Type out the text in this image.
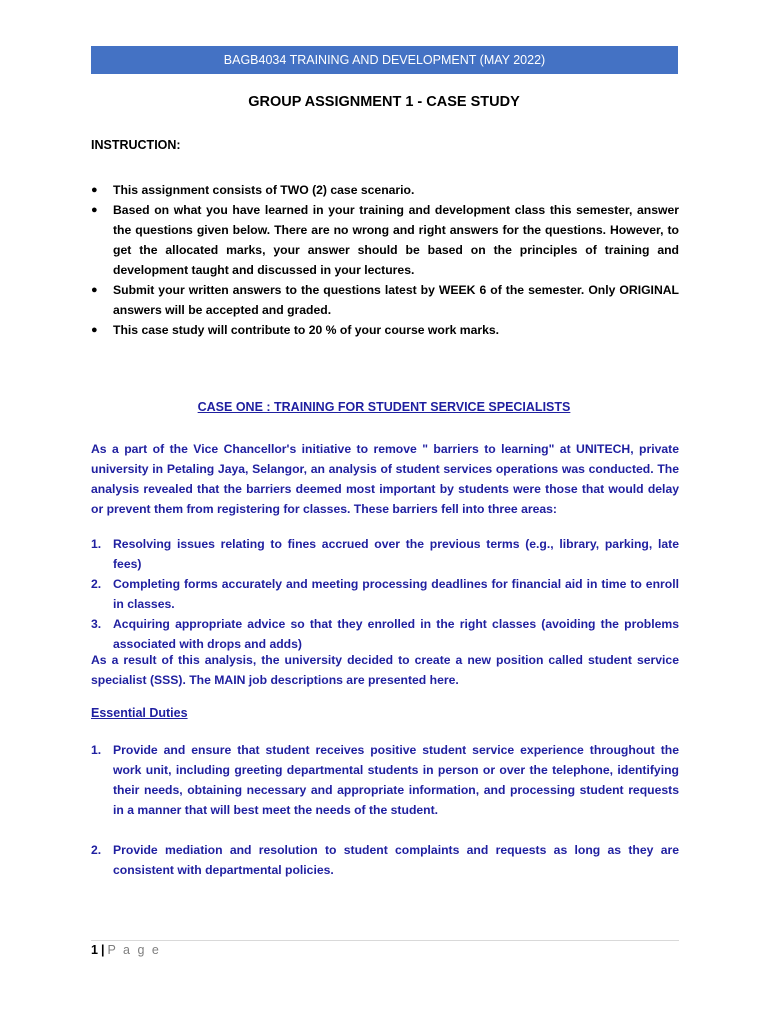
BAGB4034 TRAINING AND DEVELOPMENT (MAY 2022)
GROUP ASSIGNMENT 1 - CASE STUDY
INSTRUCTION:
● This assignment consists of TWO (2) case scenario.
● Based on what you have learned in your training and development class this semester, answer the questions given below. There are no wrong and right answers for the questions. However, to get the allocated marks, your answer should be based on the principles of training and development taught and discussed in your lectures.
● Submit your written answers to the questions latest by WEEK 6 of the semester. Only ORIGINAL answers will be accepted and graded.
● This case study will contribute to 20 % of your course work marks.
CASE ONE : TRAINING FOR STUDENT SERVICE SPECIALISTS

As a part of the Vice Chancellor's initiative to remove " barriers to learning" at UNITECH, private university in Petaling Jaya, Selangor, an analysis of student services operations was conducted. The analysis revealed that the barriers deemed most important by students were those that would delay or prevent them from registering for classes. These barriers fell into three areas:

1. Resolving issues relating to fines accrued over the previous terms (e.g., library, parking, late fees)
2. Completing forms accurately and meeting processing deadlines for financial aid in time to enroll in classes.
3. Acquiring appropriate advice so that they enrolled in the right classes (avoiding the problems associated with drops and adds)

As a result of this analysis, the university decided to create a new position called student service specialist (SSS). The MAIN job descriptions are presented here.

Essential Duties
1. Provide and ensure that student receives positive student service experience throughout the work unit, including greeting departmental students in person or over the telephone, identifying their needs, obtaining necessary and appropriate information, and processing student requests in a manner that will best meet the needs of the student.
2. Provide mediation and resolution to student complaints and requests as long as they are consistent with departmental policies.
1 | P a g e
